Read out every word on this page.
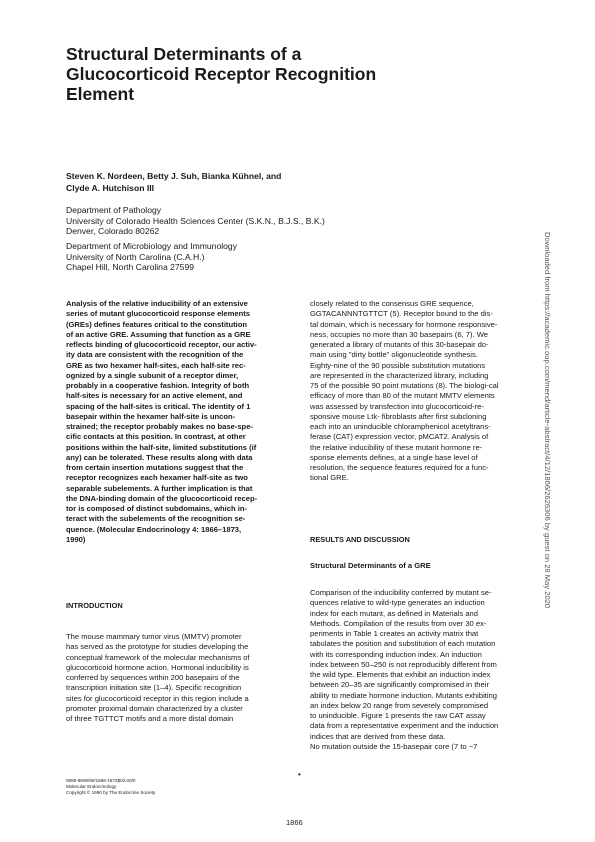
Structural Determinants of a
Glucocorticoid Receptor Recognition
Element
Steven K. Nordeen, Betty J. Suh, Bianka Kühnel, and
Clyde A. Hutchison III
Department of Pathology
University of Colorado Health Sciences Center (S.K.N., B.J.S., B.K.)
Denver, Colorado 80262
Department of Microbiology and Immunology
University of North Carolina (C.A.H.)
Chapel Hill, North Carolina 27599
Analysis of the relative inducibility of an extensive
series of mutant glucocorticoid response elements
(GREs) defines features critical to the constitution
of an active GRE. Assuming that function as a GRE
reflects binding of glucocorticoid receptor, our activ-
ity data are consistent with the recognition of the
GRE as two hexamer half-sites, each half-site rec-
ognized by a single subunit of a receptor dimer,
probably in a cooperative fashion. Integrity of both
half-sites is necessary for an active element, and
spacing of the half-sites is critical. The identity of 1
basepair within the hexamer half-site is uncon-
strained; the receptor probably makes no base-spe-
cific contacts at this position. In contrast, at other
positions within the half-site, limited substitutions (if
any) can be tolerated. These results along with data
from certain insertion mutations suggest that the
receptor recognizes each hexamer half-site as two
separable subelements. A further implication is that
the DNA-binding domain of the glucocorticoid recep-
tor is composed of distinct subdomains, which in-
teract with the subelements of the recognition se-
quence. (Molecular Endocrinology 4: 1866–1873,
1990)
INTRODUCTION
The mouse mammary tumor virus (MMTV) promoter
has served as the prototype for studies developing the
conceptual framework of the molecular mechanisms of
glucocorticoid hormone action. Hormonal inducibility is
conferred by sequences within 200 basepairs of the
transcription initiation site (1–4). Specific recognition
sites for glucocorticoid receptor in this region include a
promoter proximal domain characterized by a cluster
of three TGTTCT motifs and a more distal domain
closely related to the consensus GRE sequence,
GGTACANNNTGTTCT (5). Receptor bound to the dis-
tal domain, which is necessary for hormone responsive-
ness, occupies no more than 30 basepairs (6, 7). We
generated a library of mutants of this 30-basepair do-
main using "dirty bottle" oligonucleotide synthesis.
Eighty-nine of the 90 possible substitution mutations
are represented in the characterized library, including
75 of the possible 90 point mutations (8). The biologi-cal
efficacy of more than 80 of the mutant MMTV elements
was assessed by transfection into glucocorticoid-re-
sponsive mouse Ltk- fibroblasts after first subcloning
each into an uninducible chloramphenicol acetyltrans-
ferase (CAT) expression vector, pMCAT2. Analysis of
the relative inducibility of these mutant hormone re-
sponse elements defines, at a single base level of
resolution, the sequence features required for a func-
tional GRE.
RESULTS AND DISCUSSION
Structural Determinants of a GRE
Comparison of the inducibility conferred by mutant se-
quences relative to wild-type generates an induction
index for each mutant, as defined in Materials and
Methods. Compilation of the results from over 30 ex-
periments in Table 1 creates an activity matrix that
tabulates the position and substitution of each mutation
with its corresponding induction index. An induction
index between 50–250 is not reproducibly different from
the wild type. Elements that exhibit an induction index
between 20–35 are significantly compromised in their
ability to mediate hormone induction. Mutants exhibiting
an index below 20 range from severely compromised
to uninducible. Figure 1 presents the raw CAT assay
data from a representative experiment and the induction
indices that are derived from these data.
No mutation outside the 15-basepair core (7 to −7
•
0888-8809/90/1866-1873$02.00/0
Molecular Endocrinology
Copyright © 1990 by The Endocrine Society
1866
Downloaded from https://academic.oup.com/mend/article-abstract/4/12/1866/2626306 by guest on 28 May 2020
